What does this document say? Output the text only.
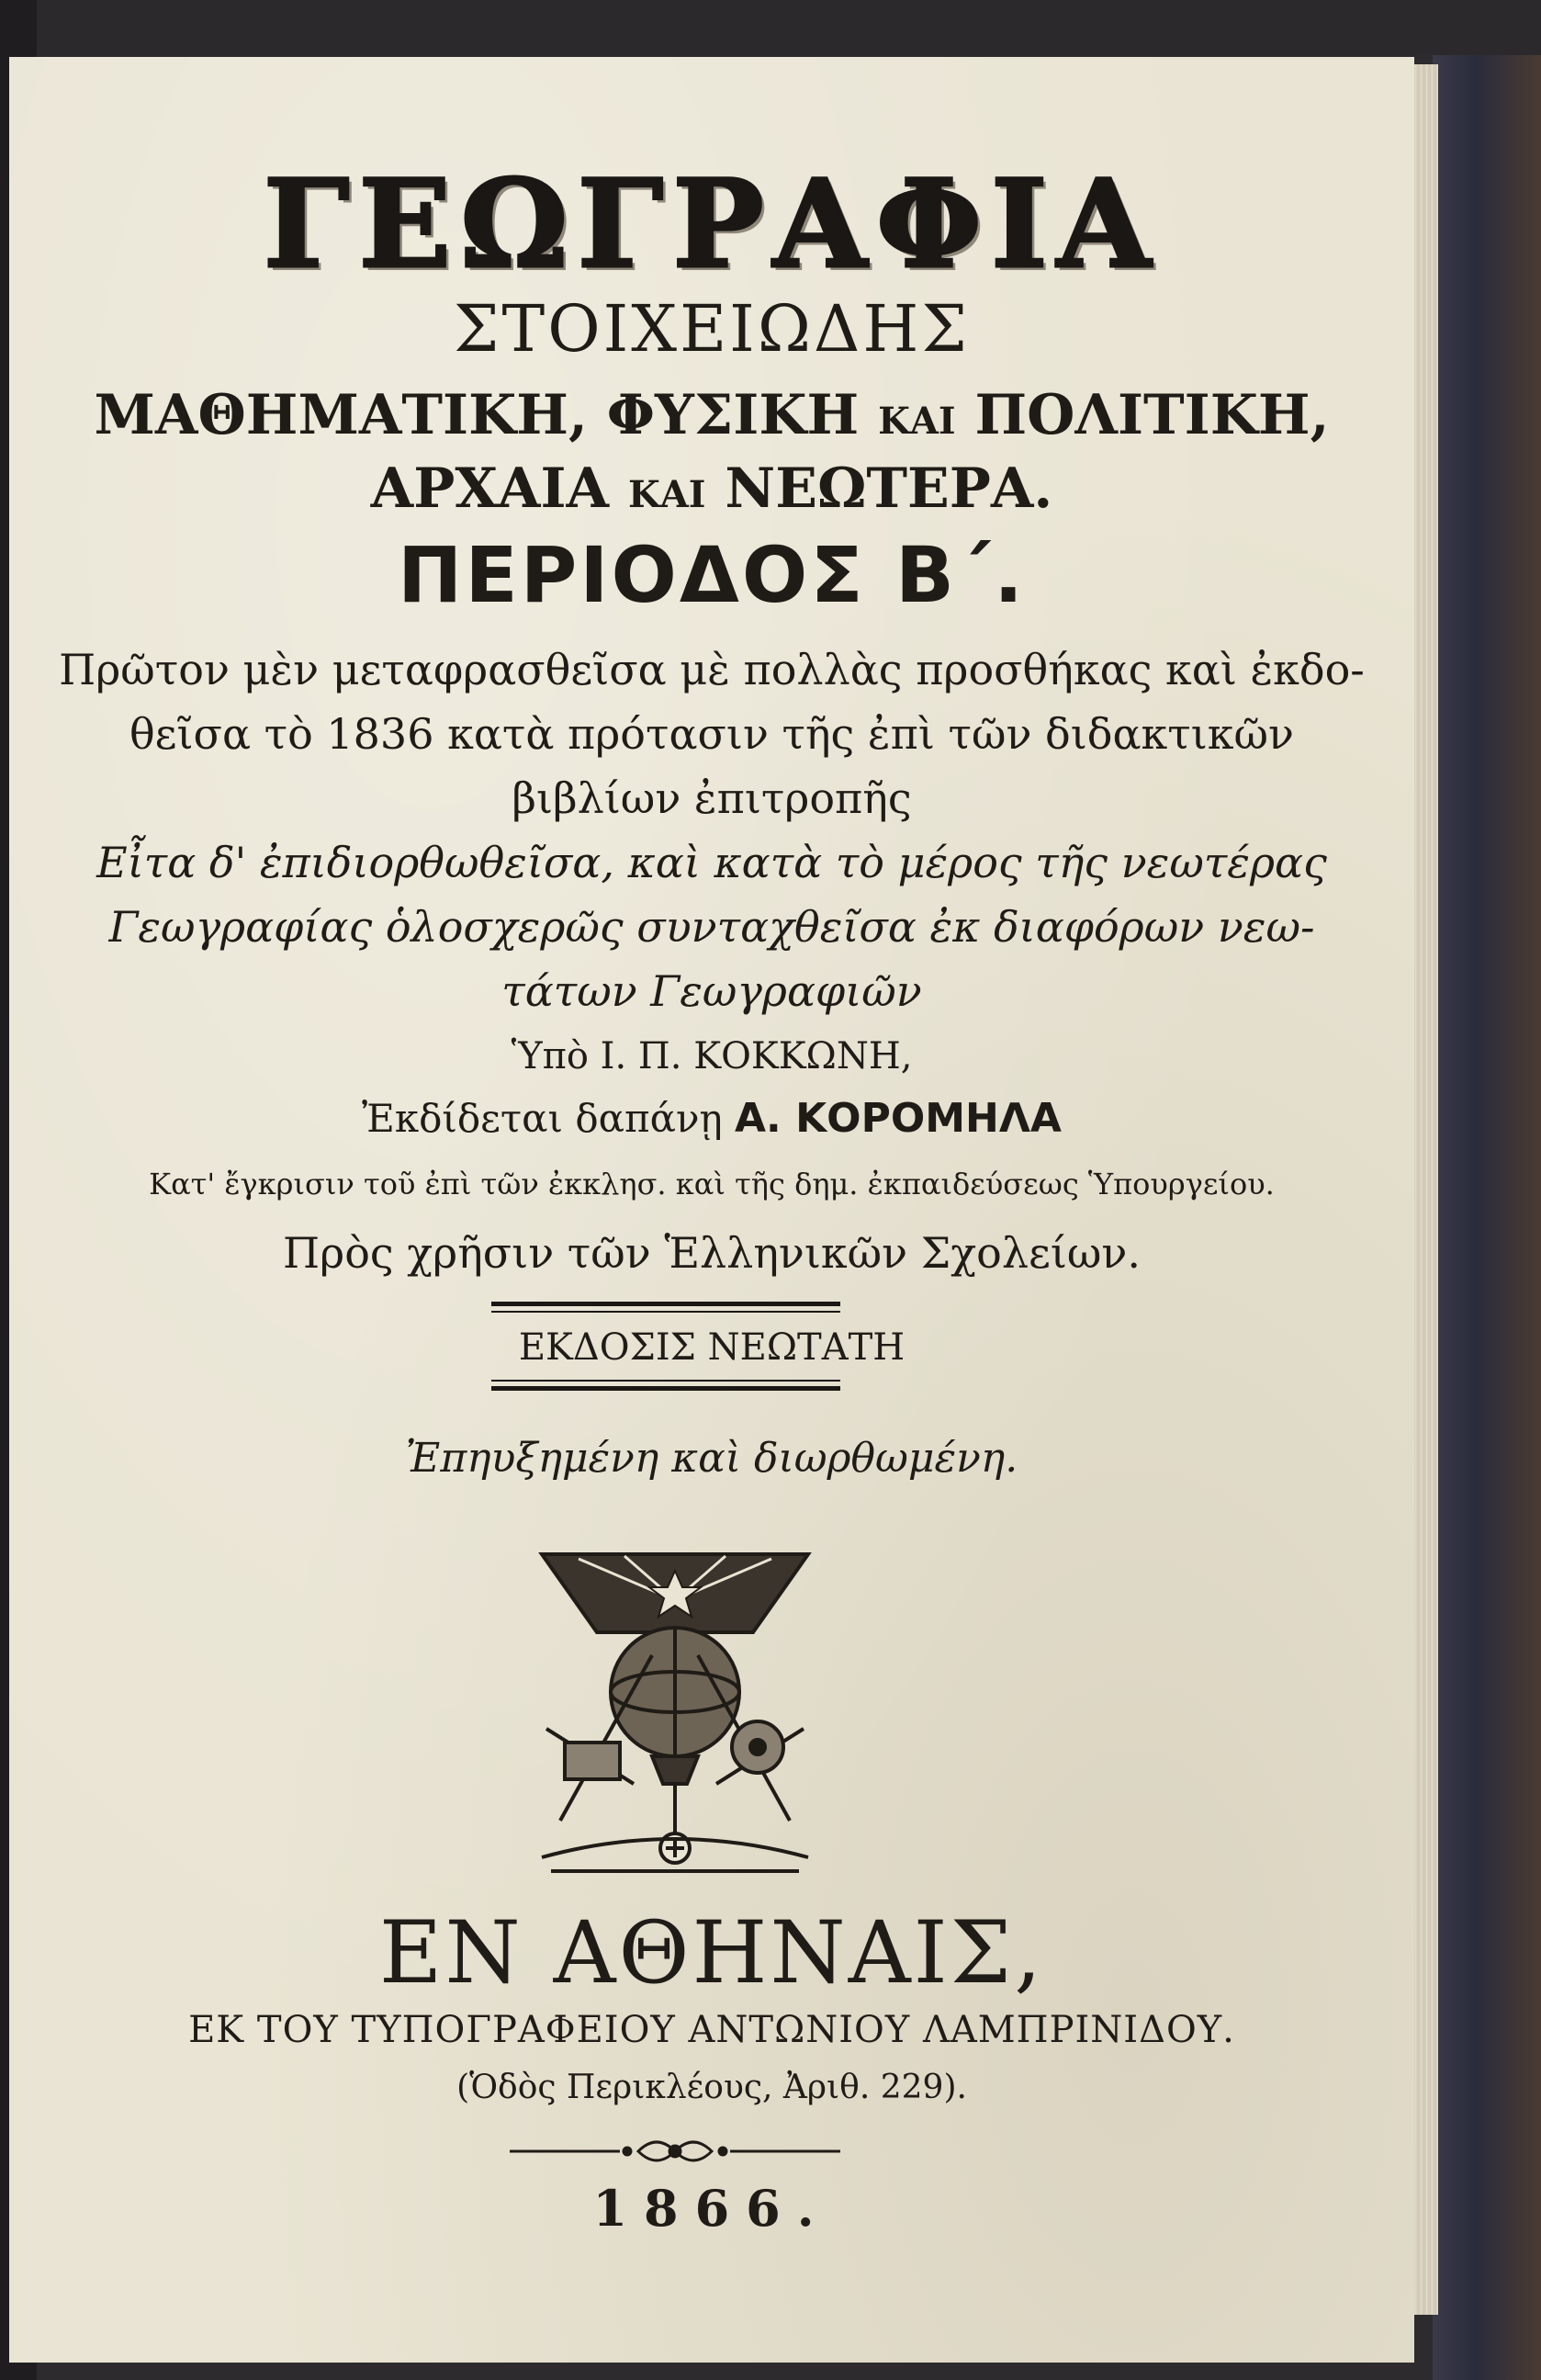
ΓΕΩΓΡΑΦΙΑ
ΣΤΟΙΧΕΙΩΔΗΣ
ΜΑΘΗΜΑΤΙΚΗ, ΦΥΣΙΚΗ ΚΑΙ ΠΟΛΙΤΙΚΗ,
ΑΡΧΑΙΑ ΚΑΙ ΝΕΩΤΕΡΑ.
ΠΕΡΙΟΔΟΣ Β΄.
Πρῶτον μὲν μεταφρασθεῖσα μὲ πολλὰς προσθήκας καὶ ἐκδο-
θεῖσα τὸ 1836 κατὰ πρότασιν τῆς ἐπὶ τῶν διδακτικῶν
βιβλίων ἐπιτροπῆς
Εἶτα δ' ἐπιδιορθωθεῖσα, καὶ κατὰ τὸ μέρος τῆς νεωτέρας
Γεωγραφίας ὁλοσχερῶς συνταχθεῖσα ἐκ διαφόρων νεω-
τάτων Γεωγραφιῶν
Ὑπὸ Ι. Π. ΚΟΚΚΩΝΗ,
Ἐκδίδεται δαπάνῃ Α. ΚΟΡΟΜΗΛΑ
Κατ' ἔγκρισιν τοῦ ἐπὶ τῶν ἐκκλησ. καὶ τῆς δημ. ἐκπαιδεύσεως Ὑπουργείου.
Πρὸς χρῆσιν τῶν Ἑλληνικῶν Σχολείων.
ΕΚΔΟΣΙΣ ΝΕΩΤΑΤΗ
Ἐπηυξημένη καὶ διωρθωμένη.
ΕΝ ΑΘΗΝΑΙΣ,
ΕΚ ΤΟΥ ΤΥΠΟΓΡΑΦΕΙΟΥ ΑΝΤΩΝΙΟΥ ΛΑΜΠΡΙΝΙΔΟΥ.
(Ὁδὸς Περικλέους, Ἀριθ. 229).
1866.
